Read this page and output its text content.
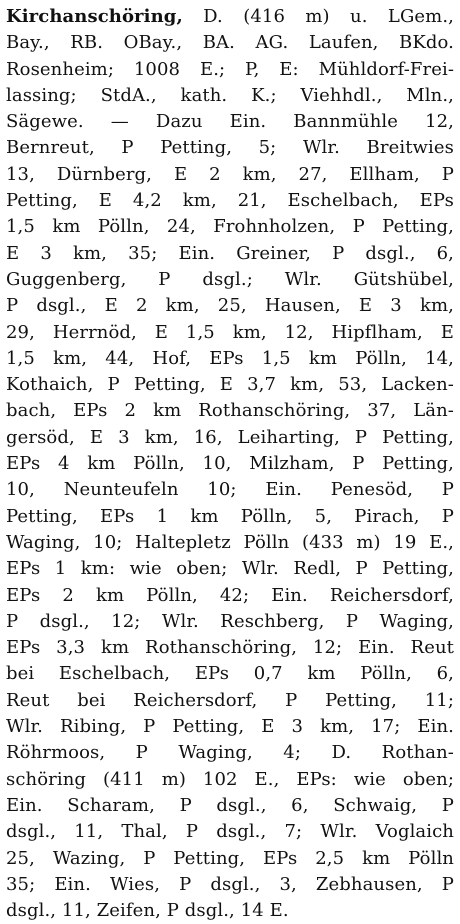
Kirchanschöring, D. (416 m) u. LGem.,
Bay., RB. OBay., BA. AG. Laufen, BKdo.
Rosenheim; 1008 E.; P, E: Mühldorf-Frei-
lassing; StdA., kath. K.; Viehhdl., Mln.,
Sägewe. — Dazu Ein. Bannmühle 12,
Bernreut, P Petting, 5; Wlr. Breitwies
13, Dürnberg, E 2 km, 27, Ellham, P
Petting, E 4,2 km, 21, Eschelbach, EPs
1,5 km Pölln, 24, Frohnholzen, P Petting,
E 3 km, 35; Ein. Greiner, P dsgl., 6,
Guggenberg, P dsgl.; Wlr. Gütshübel,
P dsgl., E 2 km, 25, Hausen, E 3 km,
29, Herrnöd, E 1,5 km, 12, Hipflham, E
1,5 km, 44, Hof, EPs 1,5 km Pölln, 14,
Kothaich, P Petting, E 3,7 km, 53, Lacken-
bach, EPs 2 km Rothanschöring, 37, Län-
gersöd, E 3 km, 16, Leiharting, P Petting,
EPs 4 km Pölln, 10, Milzham, P Petting,
10, Neunteufeln 10; Ein. Penesöd, P
Petting, EPs 1 km Pölln, 5, Pirach, P
Waging, 10; Haltepletz Pölln (433 m) 19 E.,
EPs 1 km: wie oben; Wlr. Redl, P Petting,
EPs 2 km Pölln, 42; Ein. Reichersdorf,
P dsgl., 12; Wlr. Reschberg, P Waging,
EPs 3,3 km Rothanschöring, 12; Ein. Reut
bei Eschelbach, EPs 0,7 km Pölln, 6,
Reut bei Reichersdorf, P Petting, 11;
Wlr. Ribing, P Petting, E 3 km, 17; Ein.
Röhrmoos, P Waging, 4; D. Rothan-
schöring (411 m) 102 E., EPs: wie oben;
Ein. Scharam, P dsgl., 6, Schwaig, P
dsgl., 11, Thal, P dsgl., 7; Wlr. Voglaich
25, Wazing, P Petting, EPs 2,5 km Pölln
35; Ein. Wies, P dsgl., 3, Zebhausen, P
dsgl., 11, Zeifen, P dsgl., 14 E.
